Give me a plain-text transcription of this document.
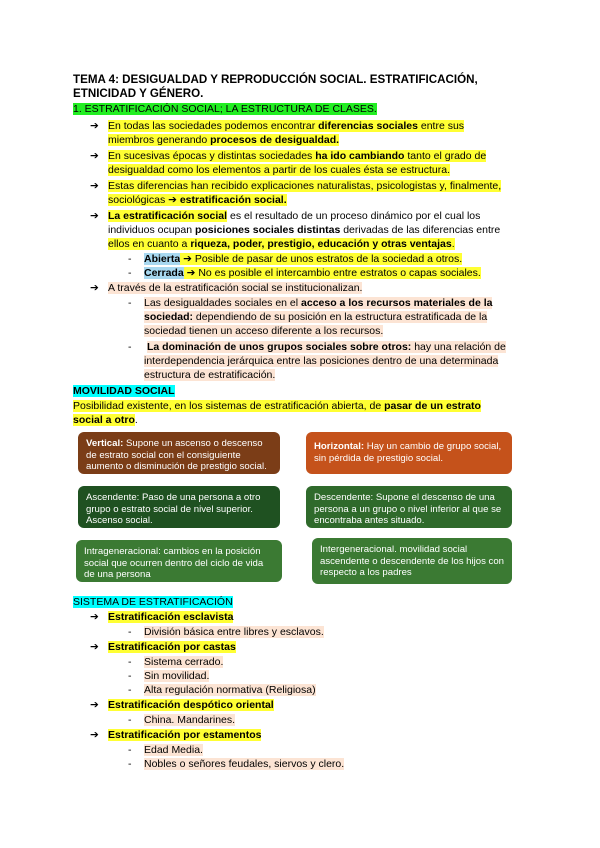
TEMA 4: DESIGUALDAD Y REPRODUCCIÓN SOCIAL. ESTRATIFICACIÓN,
ETNICIDAD Y GÉNERO.
1. ESTRATIFICACIÓN SOCIAL; LA ESTRUCTURA DE CLASES.
➔ En todas las sociedades podemos encontrar diferencias sociales entre sus
miembros generando procesos de desigualdad.
➔ En sucesivas épocas y distintas sociedades ha ido cambiando tanto el grado de
desigualdad como los elementos a partir de los cuales ésta se estructura.
➔ Estas diferencias han recibido explicaciones naturalistas, psicologistas y, finalmente,
sociológicas ➔ estratificación social.
➔ La estratificación social es el resultado de un proceso dinámico por el cual los
individuos ocupan posiciones sociales distintas derivadas de las diferencias entre
ellos en cuanto a riqueza, poder, prestigio, educación y otras ventajas.
- Abierta ➔ Posible de pasar de unos estratos de la sociedad a otros.
- Cerrada ➔ No es posible el intercambio entre estratos o capas sociales.
➔ A través de la estratificación social se institucionalizan.
- Las desigualdades sociales en el acceso a los recursos materiales de la
sociedad: dependiendo de su posición en la estructura estratificada de la
sociedad tienen un acceso diferente a los recursos.
- La dominación de unos grupos sociales sobre otros: hay una relación de
interdependencia jerárquica entre las posiciones dentro de una determinada
estructura de estratificación.
MOVILIDAD SOCIAL
Posibilidad existente, en los sistemas de estratificación abierta, de pasar de un estrato
social a otro.
Vertical: Supone un ascenso o descenso de estrato social con el consiguiente aumento o disminución de prestigio social.
Horizontal: Hay un cambio de grupo social, sin pérdida de prestigio social.
Ascendente: Paso de una persona a otro grupo o estrato social de nivel superior. Ascenso social.
Descendente: Supone el descenso de una persona a un grupo o nivel inferior al que se encontraba antes situado.
Intrageneracional: cambios en la posición social que ocurren dentro del ciclo de vida de una persona
Intergeneracional. movilidad social ascendente o descendente de los hijos con respecto a los padres
SISTEMA DE ESTRATIFICACIÓN
➔ Estratificación esclavista
- División básica entre libres y esclavos.
➔ Estratificación por castas
- Sistema cerrado.
- Sin movilidad.
- Alta regulación normativa (Religiosa)
➔ Estratificación despótico oriental
- China. Mandarines.
➔ Estratificación por estamentos
- Edad Media.
- Nobles o señores feudales, siervos y clero.
